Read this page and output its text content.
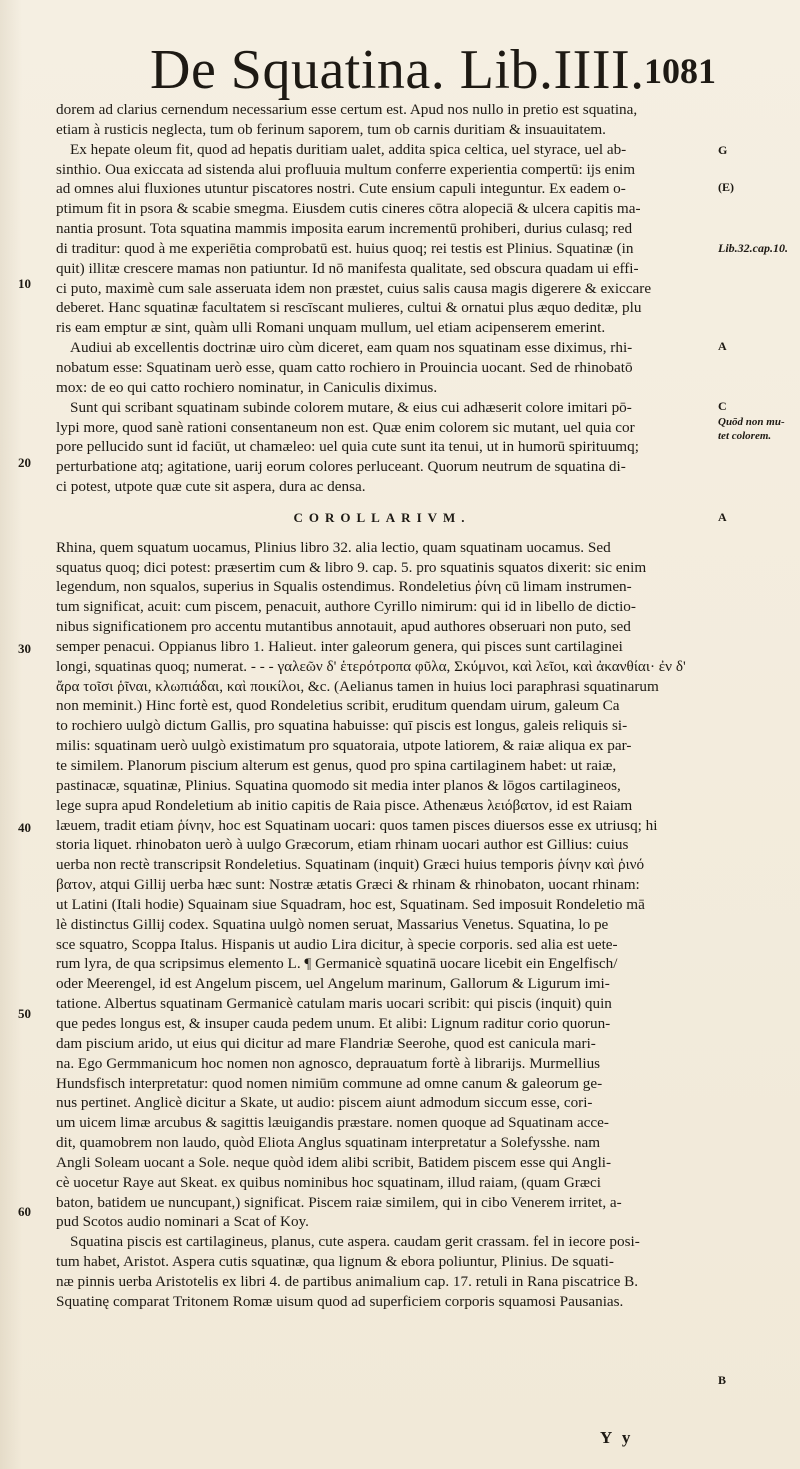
De Squatina. Lib.IIII. 1081
dorem ad clarius cernendum necessarium esse certum est. Apud nos nullo in pretio est squatina,
etiam à rusticis neglecta, tum ob ferinum saporem, tum ob carnis duritiam & insuauitatem.
Ex hepate oleum fit, quod ad hepatis duritiam ualet, addita spica celtica, uel styrace, uel ab-
sinthio. Oua exiccata ad sistenda alui profluuia multum conferre experientia compertū: ijs enim
ad omnes alui fluxiones utuntur piscatores nostri. Cute ensium capuli integuntur. Ex eadem o-
ptimum fit in psora & scabie smegma. Eiusdem cutis cineres cōtra alopeciā & ulcera capitis ma-
nantia prosunt. Tota squatina mammis imposita earum incrementū prohiberi, durius culasq; red
di traditur: quod à me experiētia comprobatū est. huius quoq; rei testis est Plinius. Squatinæ (in
quit) illitæ crescere mamas non patiuntur. Id nō manifesta qualitate, sed obscura quadam ui effi-
ci puto, maximè cum sale asseruata idem non præstet, cuius salis causa magis digerere & exiccare
deberet. Hanc squatinæ facultatem si rescīscant mulieres, cultui & ornatui plus æquo deditæ, plu
ris eam emptur æ sint, quàm ulli Romani unquam mullum, uel etiam acipenserem emerint.
Audiui ab excellentis doctrinæ uiro cùm diceret, eam quam nos squatinam esse diximus, rhi-
nobatum esse: Squatinam uerò esse, quam catto rochiero in Prouincia uocant. Sed de rhinobatō
mox: de eo qui catto rochiero nominatur, in Caniculis diximus.
Sunt qui scribant squatinam subinde colorem mutare, & eius cui adhæserit colore imitari pō-
lypi more, quod sanè rationi consentaneum non est. Quæ enim colorem sic mutant, uel quia cor
pore pellucido sunt id faciūt, ut chamæleo: uel quia cute sunt ita tenui, ut in humorū spirituumq;
perturbatione atq; agitatione, uarij eorum colores perluceant. Quorum neutrum de squatina di-
ci potest, utpote quæ cute sit aspera, dura ac densa.
COROLLARIVM.
Rhina, quem squatum uocamus, Plinius libro 32. alia lectio, quam squatinam uocamus. Sed
squatus quoq; dici potest: præsertim cum & libro 9. cap. 5. pro squatinis squatos dixerit: sic enim
legendum, non squalos, superius in Squalis ostendimus. Rondeletius ῥίνη cū limam instrumen-
tum significat, acuit: cum piscem, penacuit, authore Cyrillo nimirum: qui id in libello de dictio-
nibus significationem pro accentu mutantibus annotauit, apud authores obseruari non puto, sed
semper penacui. Oppianus libro 1. Halieut. inter galeorum genera, qui pisces sunt cartilaginei
longi, squatinas quoq; numerat. - - - γαλεῶν δ' ἑτερότροπα φῦλα, Σκύμνοι, καὶ λεῖοι, καὶ ἀκανθίαι· ἐν δ'
ἄρα τοῖσι ῥῖναι, κλωπιάδαι, καὶ ποικίλοι, &c. (Aelianus tamen in huius loci paraphrasi squatinarum
non meminit.) Hinc fortè est, quod Rondeletius scribit, eruditum quendam uirum, galeum Ca
to rochiero uulgò dictum Gallis, pro squatina habuisse: quī piscis est longus, galeis reliquis si-
milis: squatinam uerò uulgò existimatum pro squatoraia, utpote latiorem, & raiæ aliqua ex par-
te similem. Planorum piscium alterum est genus, quod pro spina cartilaginem habet: ut raiæ,
pastinacæ, squatinæ, Plinius. Squatina quomodo sit media inter planos & lōgos cartilagineos,
lege supra apud Rondeletium ab initio capitis de Raia pisce. Athenæus λειόβατον, id est Raiam
læuem, tradit etiam ῥίνην, hoc est Squatinam uocari: quos tamen pisces diuersos esse ex utriusq; hi
storia liquet. rhinobaton uerò à uulgo Græcorum, etiam rhinam uocari author est Gillius: cuius
uerba non rectè transcripsit Rondeletius. Squatinam (inquit) Græci huius temporis ῥίνην καὶ ῥινό
βατον, atqui Gillij uerba hæc sunt: Nostræ ætatis Græci & rhinam & rhinobaton, uocant rhinam:
ut Latini (Itali hodie) Squainam siue Squadram, hoc est, Squatinam. Sed imposuit Rondeletio mā
lè distinctus Gillij codex. Squatina uulgò nomen seruat, Massarius Venetus. Squatina, lo pe
sce squatro, Scoppa Italus. Hispanis ut audio Lira dicitur, à specie corporis. sed alia est uete-
rum lyra, de qua scripsimus elemento L. ¶ Germanicè squatinā uocare licebit ein Engelfisch/
oder Meerengel, id est Angelum piscem, uel Angelum marinum, Gallorum & Ligurum imi-
tatione. Albertus squatinam Germanicè catulam maris uocari scribit: qui piscis (inquit) quin
que pedes longus est, & insuper cauda pedem unum. Et alibi: Lignum raditur corio quorun-
dam piscium arido, ut eius qui dicitur ad mare Flandriæ Seerohe, quod est canicula mari-
na. Ego Germmanicum hoc nomen non agnosco, deprauatum fortè à librarijs. Murmellius
Hundsfisch interpretatur: quod nomen nimiūm commune ad omne canum & galeorum ge-
nus pertinet. Anglicè dicitur a Skate, ut audio: piscem aiunt admodum siccum esse, cori-
um uicem limæ arcubus & sagittis læuigandis præstare. nomen quoque ad Squatinam acce-
dit, quamobrem non laudo, quòd Eliota Anglus squatinam interpretatur a Solefysshe. nam
Angli Soleam uocant a Sole. neque quòd idem alibi scribit, Batidem piscem esse qui Angli-
cè uocetur Raye aut Skeat. ex quibus nominibus hoc squatinam, illud raiam, (quam Græci
baton, batidem ue nuncupant,) significat. Piscem raiæ similem, qui in cibo Venerem irritet, a-
pud Scotos audio nominari a Scat of Koy.
Squatina piscis est cartilagineus, planus, cute aspera. caudam gerit crassam. fel in iecore posi-
tum habet, Aristot. Aspera cutis squatinæ, qua lignum & ebora poliuntur, Plinius. De squati-
næ pinnis uerba Aristotelis ex libri 4. de partibus animalium cap. 17. retuli in Rana piscatrice B.
Squatinę comparat Tritonem Romæ uisum quod ad superficiem corporis squamosi Pausanias.
10
20
30
40
50
60
G
(E)
Lib.32.cap.10.
A
C
Quōd non mu-
tet colorem.
A
B
Y y
